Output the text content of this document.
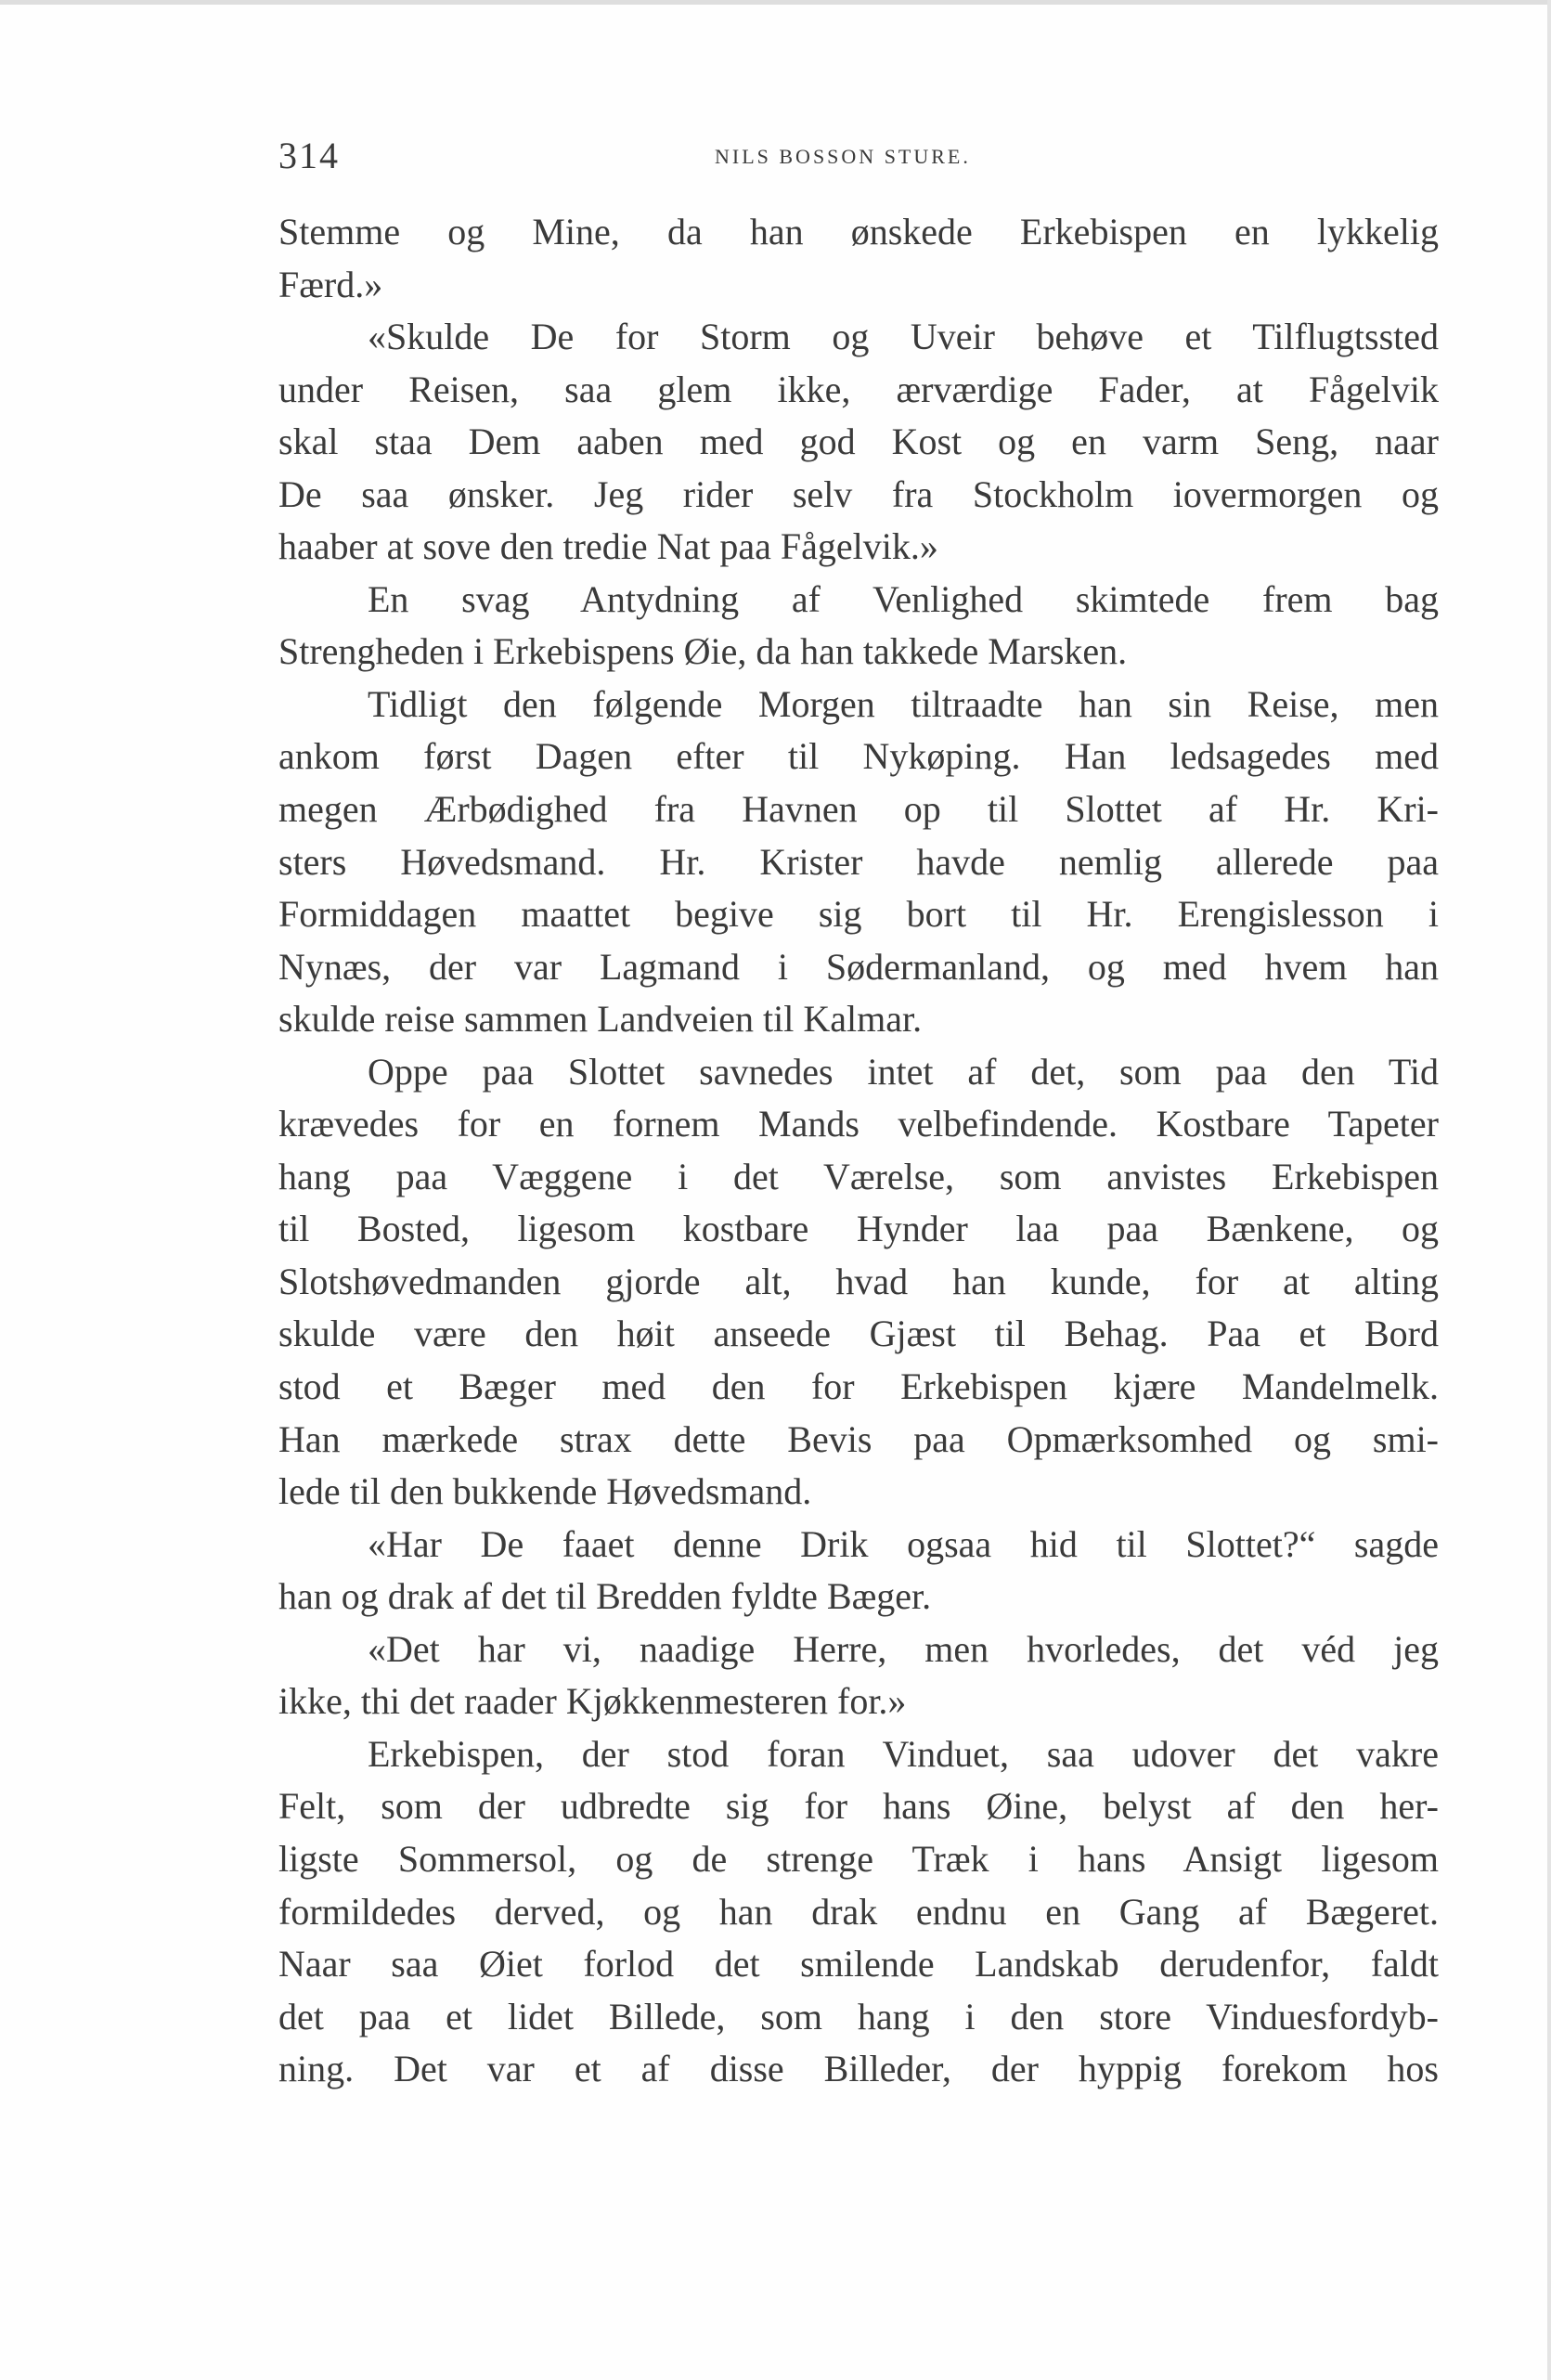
314	NILS BOSSON STURE.
Stemme og Mine, da han ønskede Erkebispen en lykkelig
Færd.»
«Skulde De for Storm og Uveir behøve et Tilflugtssted
under Reisen, saa glem ikke, ærværdige Fader, at Fågelvik
skal staa Dem aaben med god Kost og en varm Seng, naar
De saa ønsker. Jeg rider selv fra Stockholm iovermorgen og
haaber at sove den tredie Nat paa Fågelvik.»
En svag Antydning af Venlighed skimtede frem bag
Strengheden i Erkebispens Øie, da han takkede Marsken.
Tidligt den følgende Morgen tiltraadte han sin Reise, men
ankom først Dagen efter til Nykøping. Han ledsagedes med
megen Ærbødighed fra Havnen op til Slottet af Hr. Kri-
sters Høvedsmand. Hr. Krister havde nemlig allerede paa
Formiddagen maattet begive sig bort til Hr. Erengislesson i
Nynæs, der var Lagmand i Sødermanland, og med hvem han
skulde reise sammen Landveien til Kalmar.
Oppe paa Slottet savnedes intet af det, som paa den Tid
krævedes for en fornem Mands velbefindende. Kostbare Tapeter
hang paa Væggene i det Værelse, som anvistes Erkebispen
til Bosted, ligesom kostbare Hynder laa paa Bænkene, og
Slotshøvedmanden gjorde alt, hvad han kunde, for at alting
skulde være den høit anseede Gjæst til Behag. Paa et Bord
stod et Bæger med den for Erkebispen kjære Mandelmelk.
Han mærkede strax dette Bevis paa Opmærksomhed og smi-
lede til den bukkende Høvedsmand.
«Har De faaet denne Drik ogsaa hid til Slottet?“ sagde
han og drak af det til Bredden fyldte Bæger.
«Det har vi, naadige Herre, men hvorledes, det véd jeg
ikke, thi det raader Kjøkkenmesteren for.»
Erkebispen, der stod foran Vinduet, saa udover det vakre
Felt, som der udbredte sig for hans Øine, belyst af den her-
ligste Sommersol, og de strenge Træk i hans Ansigt ligesom
formildedes derved, og han drak endnu en Gang af Bægeret.
Naar saa Øiet forlod det smilende Landskab derudenfor, faldt
det paa et lidet Billede, som hang i den store Vinduesfordyb-
ning. Det var et af disse Billeder, der hyppig forekom hos
